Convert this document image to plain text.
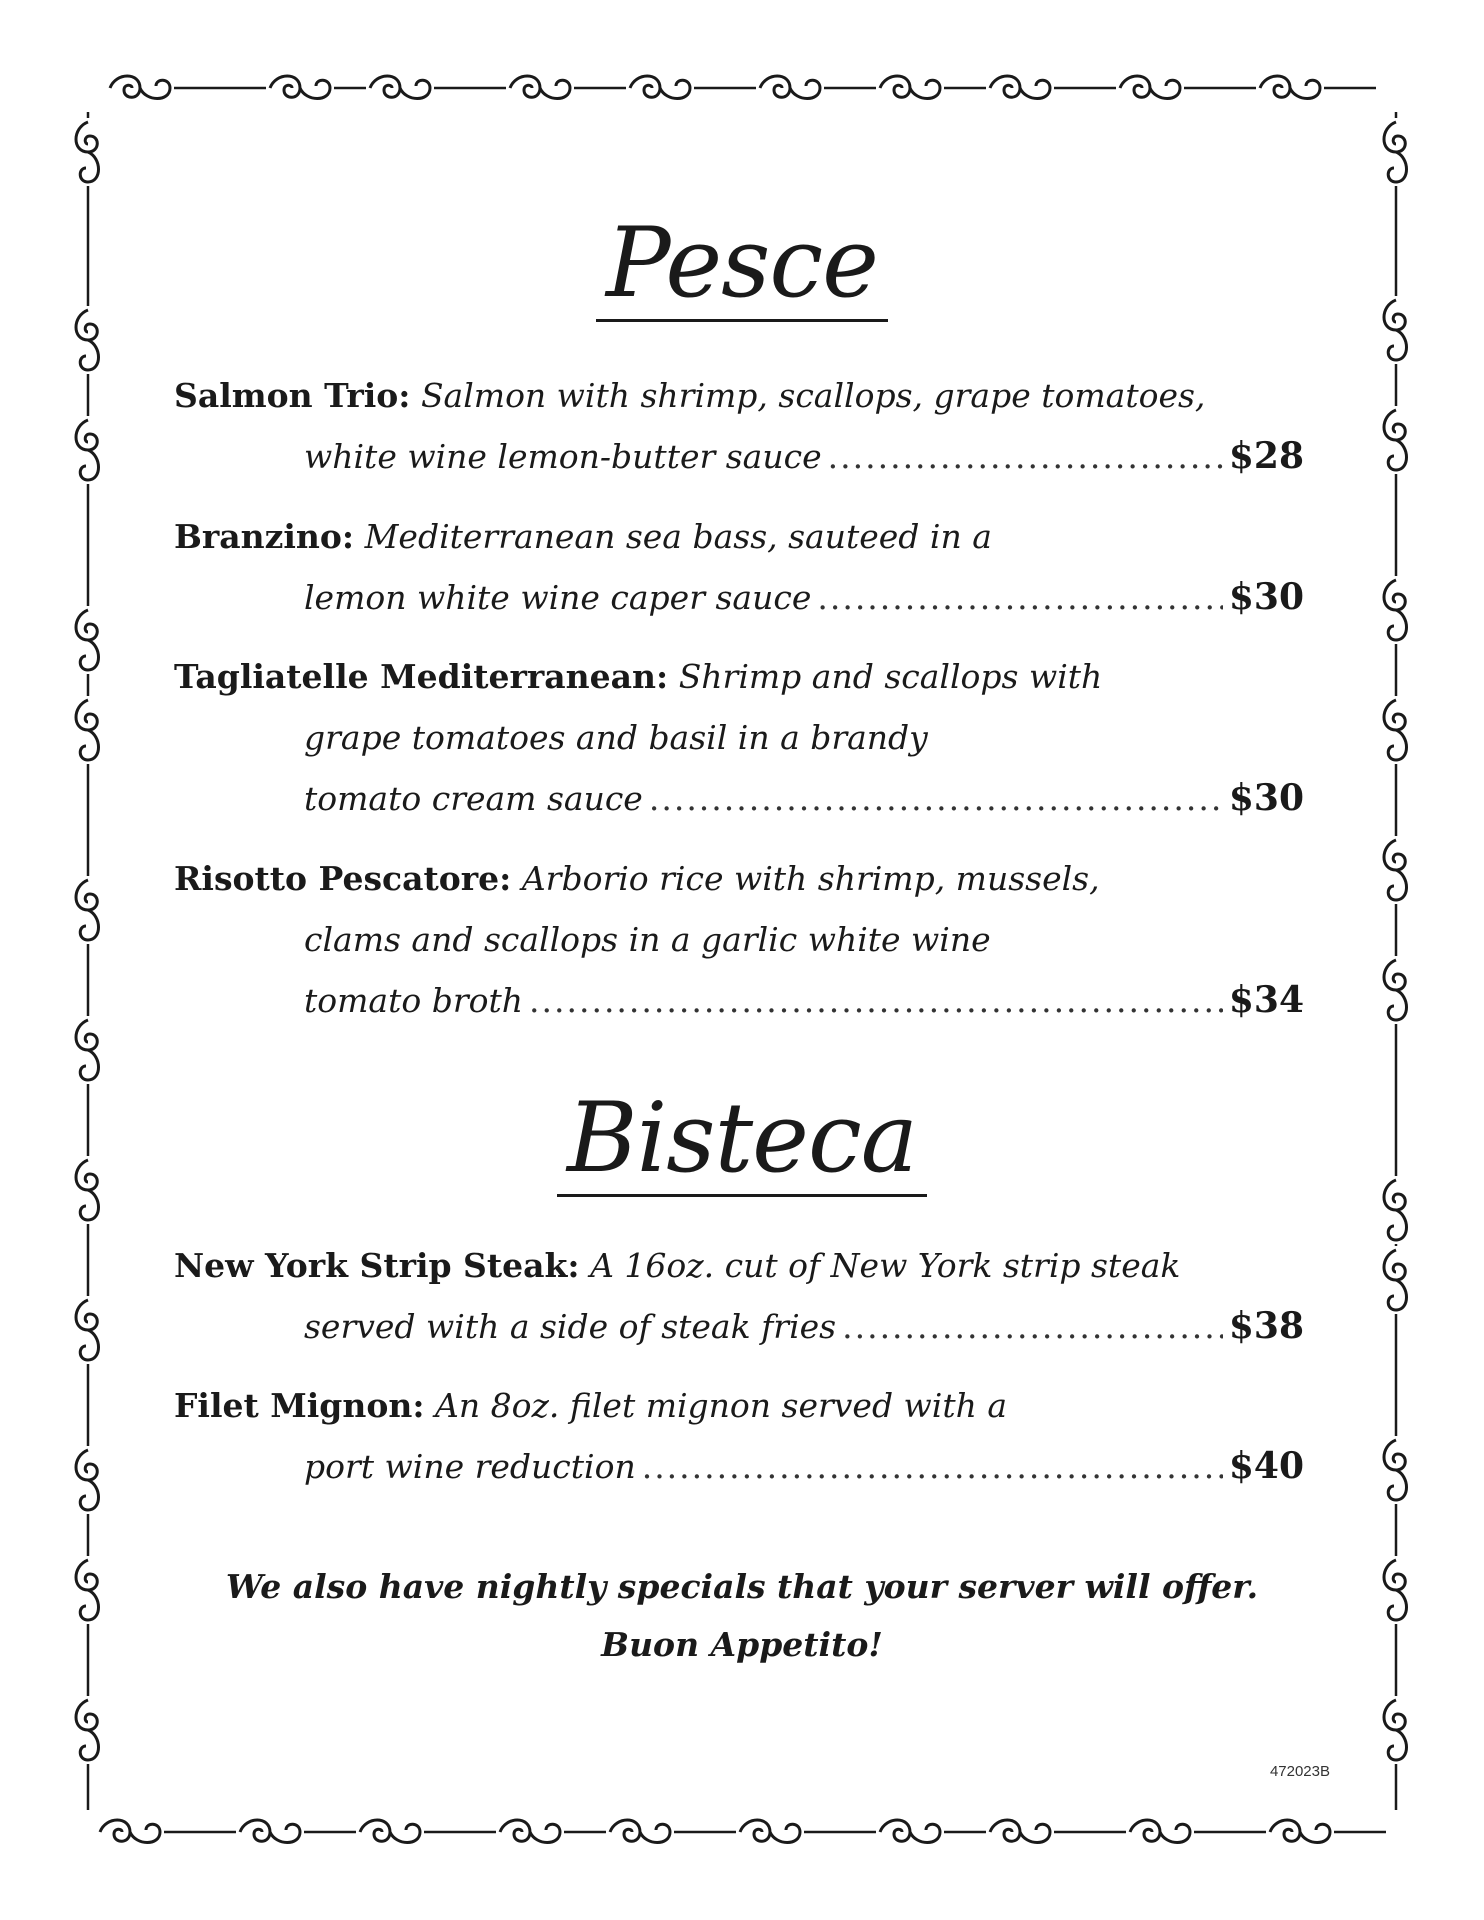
Pesce
Salmon Trio: Salmon with shrimp, scallops, grape tomatoes,
white wine lemon-butter sauce .....	$28
Branzino: Mediterranean sea bass, sauteed in a
lemon white wine caper sauce .....	$30
Tagliatelle Mediterranean: Shrimp and scallops with
grape tomatoes and basil in a brandy
tomato cream sauce .....	$30
Risotto Pescatore: Arborio rice with shrimp, mussels,
clams and scallops in a garlic white wine
tomato broth .....	$34
Bisteca
New York Strip Steak: A 16oz. cut of New York strip steak
served with a side of steak fries .....	$38
Filet Mignon: An 8oz. filet mignon served with a
port wine reduction .....	$40
We also have nightly specials that your server will offer.
Buon Appetito!
472023B
